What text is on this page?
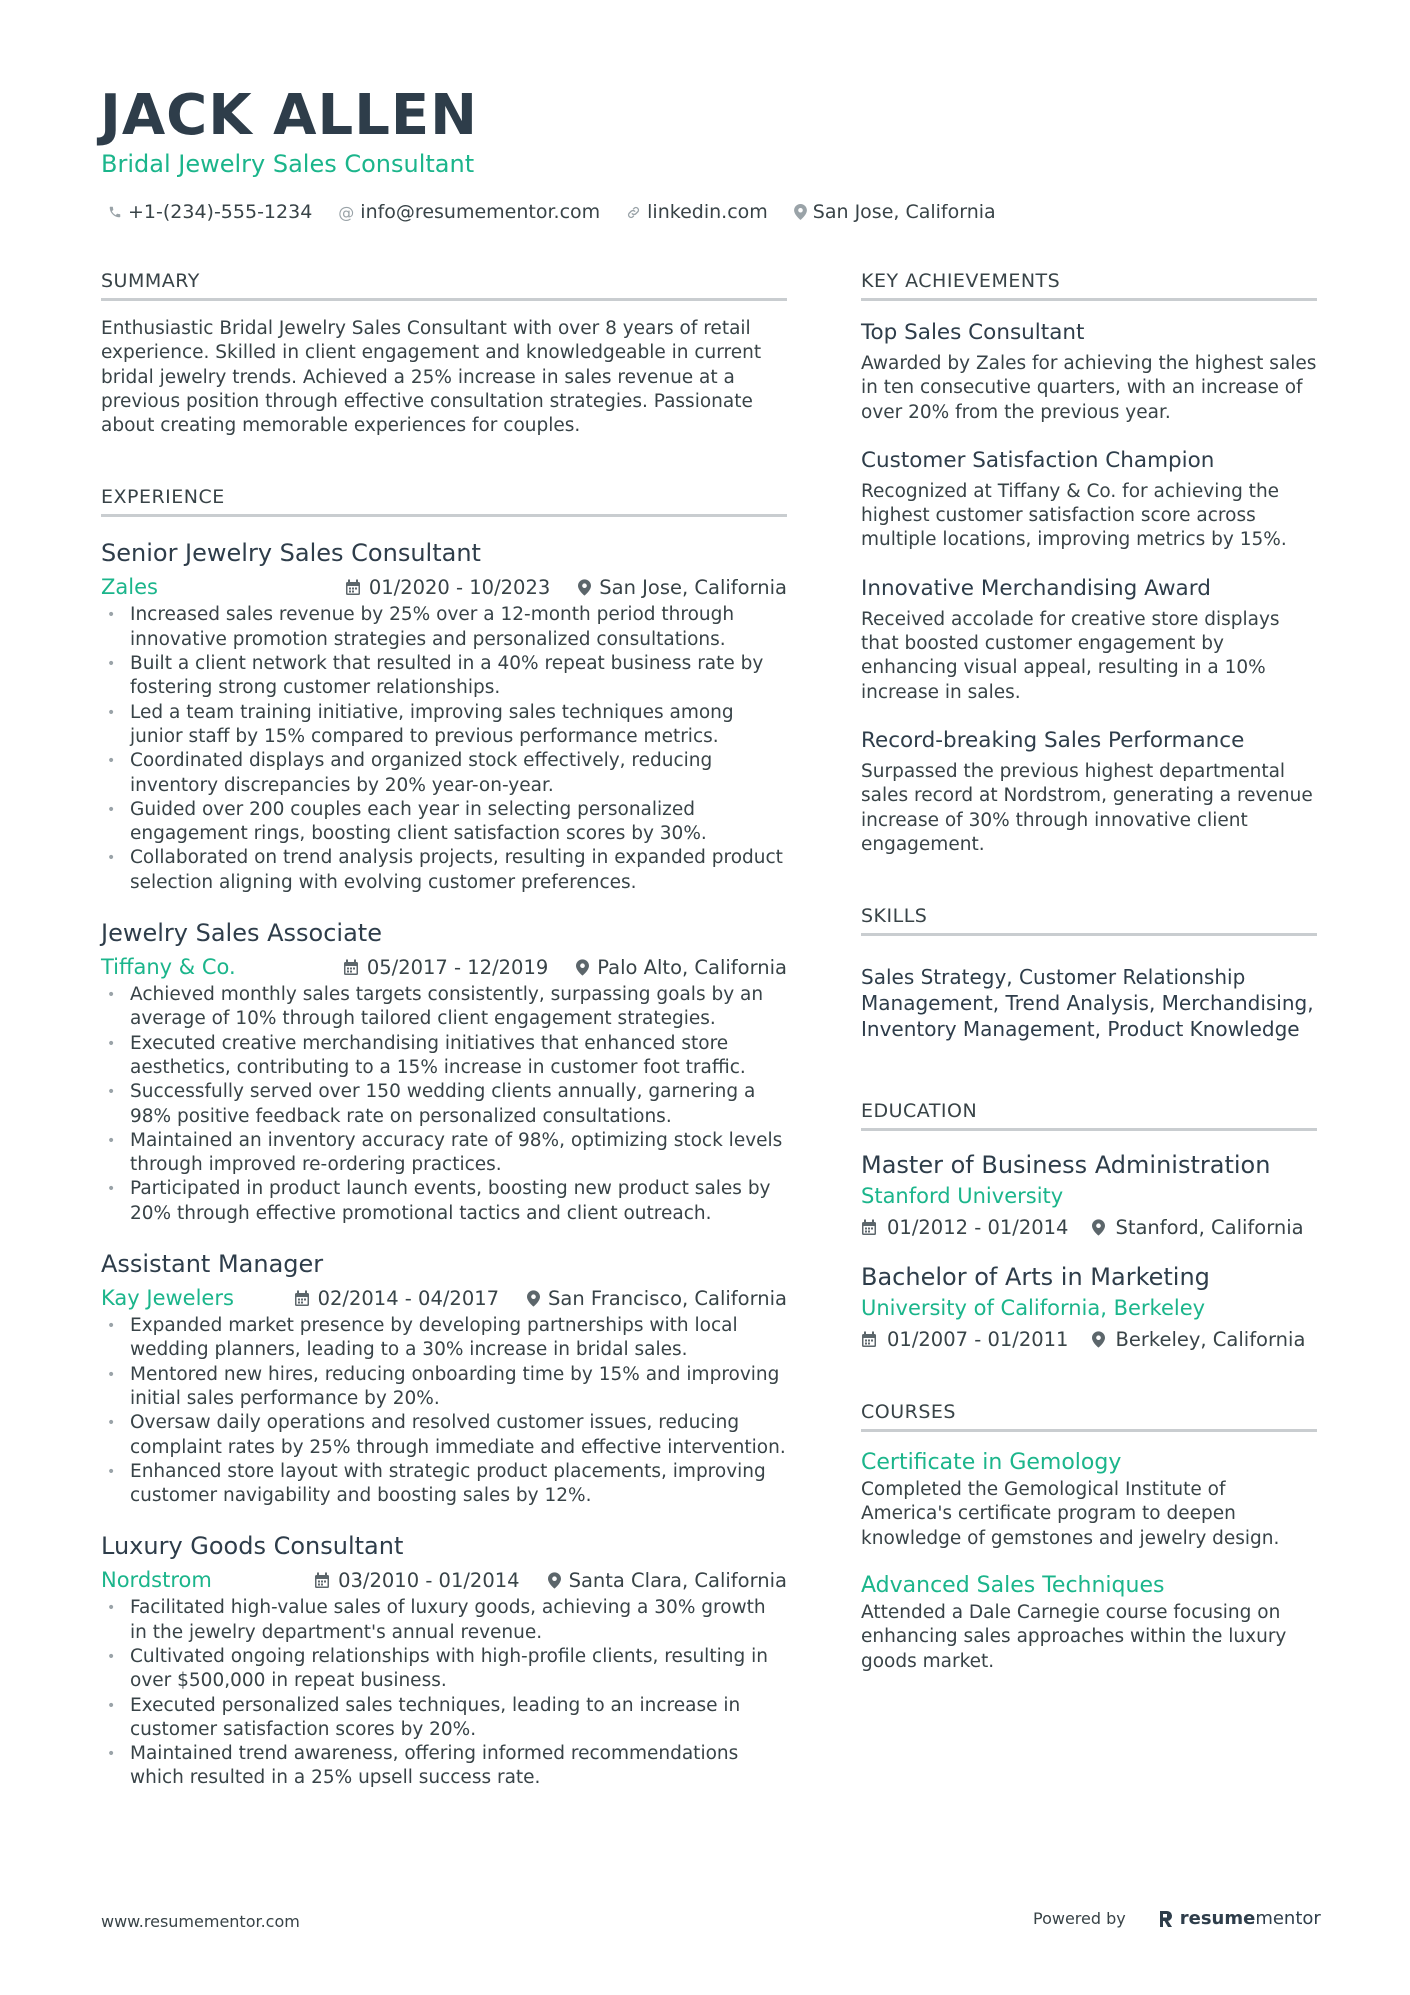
JACK ALLEN
Bridal Jewelry Sales Consultant
+1-(234)-555-1234 @ info@resumementor.com linkedin.com San Jose, California
SUMMARY

Enthusiastic Bridal Jewelry Sales Consultant with over 8 years of retail experience. Skilled in client engagement and knowledgeable in current bridal jewelry trends. Achieved a 25% increase in sales revenue at a previous position through effective consultation strategies. Passionate about creating memorable experiences for couples.

EXPERIENCE
Senior Jewelry Sales Consultant
Zales	01/2020 - 10/2023	San Jose, California
• Increased sales revenue by 25% over a 12-month period through innovative promotion strategies and personalized consultations.
• Built a client network that resulted in a 40% repeat business rate by fostering strong customer relationships.
• Led a team training initiative, improving sales techniques among junior staff by 15% compared to previous performance metrics.
• Coordinated displays and organized stock effectively, reducing inventory discrepancies by 20% year-on-year.
• Guided over 200 couples each year in selecting personalized engagement rings, boosting client satisfaction scores by 30%.
• Collaborated on trend analysis projects, resulting in expanded product selection aligning with evolving customer preferences.
Jewelry Sales Associate
Tiffany & Co.	05/2017 - 12/2019	Palo Alto, California
• Achieved monthly sales targets consistently, surpassing goals by an average of 10% through tailored client engagement strategies.
• Executed creative merchandising initiatives that enhanced store aesthetics, contributing to a 15% increase in customer foot traffic.
• Successfully served over 150 wedding clients annually, garnering a 98% positive feedback rate on personalized consultations.
• Maintained an inventory accuracy rate of 98%, optimizing stock levels through improved re-ordering practices.
• Participated in product launch events, boosting new product sales by 20% through effective promotional tactics and client outreach.
Assistant Manager
Kay Jewelers	02/2014 - 04/2017	San Francisco, California
• Expanded market presence by developing partnerships with local wedding planners, leading to a 30% increase in bridal sales.
• Mentored new hires, reducing onboarding time by 15% and improving initial sales performance by 20%.
• Oversaw daily operations and resolved customer issues, reducing complaint rates by 25% through immediate and effective intervention.
• Enhanced store layout with strategic product placements, improving customer navigability and boosting sales by 12%.
Luxury Goods Consultant
Nordstrom	03/2010 - 01/2014	Santa Clara, California
• Facilitated high-value sales of luxury goods, achieving a 30% growth in the jewelry department's annual revenue.
• Cultivated ongoing relationships with high-profile clients, resulting in over $500,000 in repeat business.
• Executed personalized sales techniques, leading to an increase in customer satisfaction scores by 20%.
• Maintained trend awareness, offering informed recommendations which resulted in a 25% upsell success rate.
KEY ACHIEVEMENTS
Top Sales Consultant

Awarded by Zales for achieving the highest sales in ten consecutive quarters, with an increase of over 20% from the previous year.

Customer Satisfaction Champion

Recognized at Tiffany & Co. for achieving the highest customer satisfaction score across multiple locations, improving metrics by 15%.

Innovative Merchandising Award

Received accolade for creative store displays that boosted customer engagement by enhancing visual appeal, resulting in a 10% increase in sales.

Record-breaking Sales Performance

Surpassed the previous highest departmental sales record at Nordstrom, generating a revenue increase of 30% through innovative client engagement.

SKILLS

Sales Strategy, Customer Relationship Management, Trend Analysis, Merchandising, Inventory Management, Product Knowledge

EDUCATION
Master of Business Administration
Stanford University
01/2012 - 01/2014 Stanford, California
Bachelor of Arts in Marketing
University of California, Berkeley
01/2007 - 01/2011 Berkeley, California
COURSES
Certificate in Gemology

Completed the Gemological Institute of America's certificate program to deepen knowledge of gemstones and jewelry design.

Advanced Sales Techniques

Attended a Dale Carnegie course focusing on enhancing sales approaches within the luxury goods market.

www.resumementor.com	Powered by	resume mentor
